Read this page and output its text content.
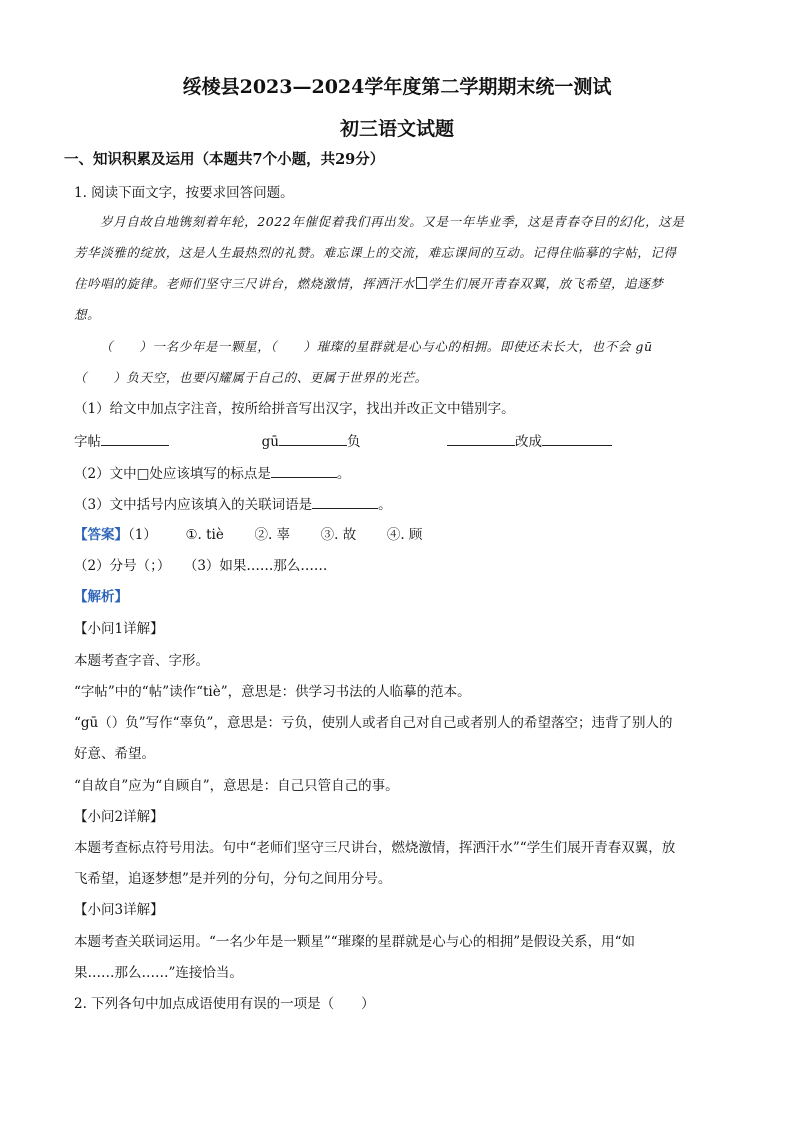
绥棱县2023—2024学年度第二学期期末统一测试
初三语文试题
一、知识积累及运用（本题共7个小题，共29分）
1. 阅读下面文字，按要求回答问题。
岁月自故自地镌刻着年轮，2022年催促着我们再出发。又是一年毕业季，这是青春夺目的幻化，这是
芳华淡雅的绽放，这是人生最热烈的礼赞。难忘课上的交流，难忘课间的互动。记得住临摹的字帖，记得
住吟唱的旋律。老师们坚守三尺讲台，燃烧激情，挥洒汗水 学生们展开青春双翼，放飞希望，追逐梦
想。
（　　）一名少年是一颗星，（　　）璀璨的星群就是心与心的相拥。即使还未长大，也不会 gū
（　　）负天空，也要闪耀属于自己的、更属于世界的光芒。
（1）给文中加点字注音，按所给拼音写出汉字，找出并改正文中错别字。
字帖	gū	负	改成
（2）文中□处应该填写的标点是	。
（3）文中括号内应该填入的关联词语是	。
【答案】（1） ①. tiè ②. 辜 ③. 故 ④. 顾
（2）分号（；）　　（3）如果……那么……
【解析】
【小问1详解】
本题考查字音、字形。
“字帖”中的“帖”读作“tiè”，意思是：供学习书法的人临摹的范本。
“gū（）负”写作“辜负”，意思是：亏负，使别人或者自己对自己或者别人的希望落空；违背了别人的
好意、希望。
“自故自”应为“自顾自”，意思是：自己只管自己的事。
【小问2详解】
本题考查标点符号用法。句中“老师们坚守三尺讲台，燃烧激情，挥洒汗水”“学生们展开青春双翼，放
飞希望，追逐梦想”是并列的分句，分句之间用分号。
【小问3详解】
本题考查关联词运用。“一名少年是一颗星”“璀璨的星群就是心与心的相拥”是假设关系，用“如
果……那么……”连接恰当。
2. 下列各句中加点成语使用有误的一项是（　　）
